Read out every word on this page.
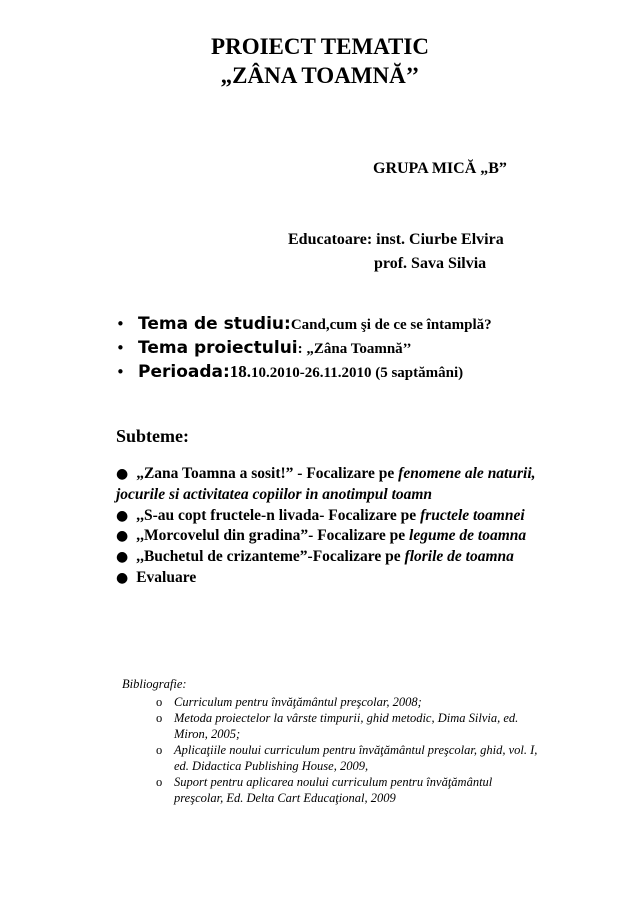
PROIECT TEMATIC
„ZÂNA TOAMNĂ’’
GRUPA MICĂ „B”
Educatoare: inst. Ciurbe Elvira
prof. Sava Silvia
• Tema de studiu: Cand,cum şi de ce se întamplă?
• Tema proiectului : „Zâna Toamnă’’
• Perioada: 18. 10.2010-26.11.2010 (5 saptămâni)
Subteme:

● „Zana Toamna a sosit!” - Focalizare pe fenomene ale naturii, jocurile si activitatea copiilor in anotimpul toamn

● ,,S-au copt fructele-n livada- Focalizare pe fructele toamnei

● ,,Morcovelul din gradina”- Focalizare pe legume de toamna

● ,,Buchetul de crizanteme”-Focalizare pe florile de toamna

● Evaluare

Bibliografie:

o Curriculum pentru învăţământul preşcolar, 2008;
o Metoda proiectelor la vârste timpurii, ghid metodic, Dima Silvia, ed. Miron, 2005;
o Aplicaţiile noului curriculum pentru învăţământul preşcolar, ghid, vol. I, ed. Didactica Publishing House, 2009,
o Suport pentru aplicarea noului curriculum pentru învăţământul preşcolar, Ed. Delta Cart Educaţional, 2009
